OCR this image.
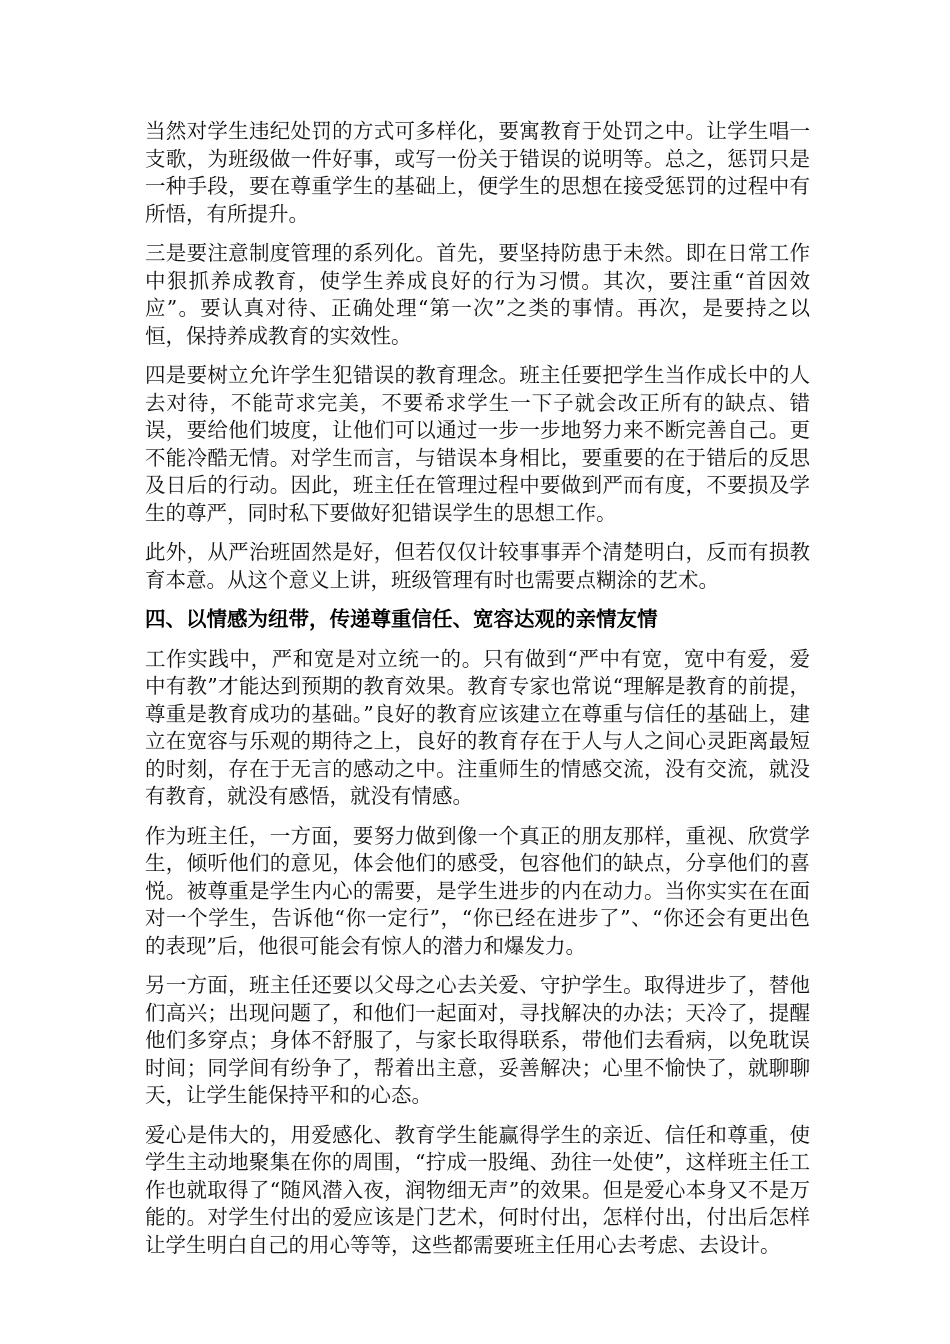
当然对学生违纪处罚的方式可多样化，要寓教育于处罚之中。让学生唱一支歌，为班级做一件好事，或写一份关于错误的说明等。总之，惩罚只是一种手段，要在尊重学生的基础上，便学生的思想在接受惩罚的过程中有所悟，有所提升。

三是要注意制度管理的系列化。首先，要坚持防患于未然。即在日常工作中狠抓养成教育，使学生养成良好的行为习惯。其次，要注重“首因效应”。要认真对待、正确处理“第一次”之类的事情。再次，是要持之以恒，保持养成教育的实效性。

四是要树立允许学生犯错误的教育理念。班主任要把学生当作成长中的人去对待，不能苛求完美，不要希求学生一下子就会改正所有的缺点、错误，要给他们坡度，让他们可以通过一步一步地努力来不断完善自己。更不能冷酷无情。对学生而言，与错误本身相比，要重要的在于错后的反思及日后的行动。因此，班主任在管理过程中要做到严而有度，不要损及学生的尊严，同时私下要做好犯错误学生的思想工作。

此外，从严治班固然是好，但若仅仅计较事事弄个清楚明白，反而有损教育本意。从这个意义上讲，班级管理有时也需要点糊涂的艺术。

四、以情感为纽带，传递尊重信任、宽容达观的亲情友情

工作实践中，严和宽是对立统一的。只有做到“严中有宽，宽中有爱，爱中有教”才能达到预期的教育效果。教育专家也常说“理解是教育的前提，尊重是教育成功的基础。”良好的教育应该建立在尊重与信任的基础上，建立在宽容与乐观的期待之上，良好的教育存在于人与人之间心灵距离最短的时刻，存在于无言的感动之中。注重师生的情感交流，没有交流，就没有教育，就没有感悟，就没有情感。

作为班主任，一方面，要努力做到像一个真正的朋友那样，重视、欣赏学生，倾听他们的意见，体会他们的感受，包容他们的缺点，分享他们的喜悦。被尊重是学生内心的需要，是学生进步的内在动力。当你实实在在面对一个学生，告诉他“你一定行”，“你已经在进步了”、“你还会有更出色的表现”后，他很可能会有惊人的潜力和爆发力。

另一方面，班主任还要以父母之心去关爱、守护学生。取得进步了，替他们高兴；出现问题了，和他们一起面对，寻找解决的办法；天冷了，提醒他们多穿点；身体不舒服了，与家长取得联系，带他们去看病，以免耽误时间；同学间有纷争了，帮着出主意，妥善解决；心里不愉快了，就聊聊天，让学生能保持平和的心态。

爱心是伟大的，用爱感化、教育学生能赢得学生的亲近、信任和尊重，使学生主动地聚集在你的周围，“拧成一股绳、劲往一处使”，这样班主任工作也就取得了“随风潜入夜，润物细无声”的效果。但是爱心本身又不是万能的。对学生付出的爱应该是门艺术，何时付出，怎样付出，付出后怎样让学生明白自己的用心等等，这些都需要班主任用心去考虑、去设计。
